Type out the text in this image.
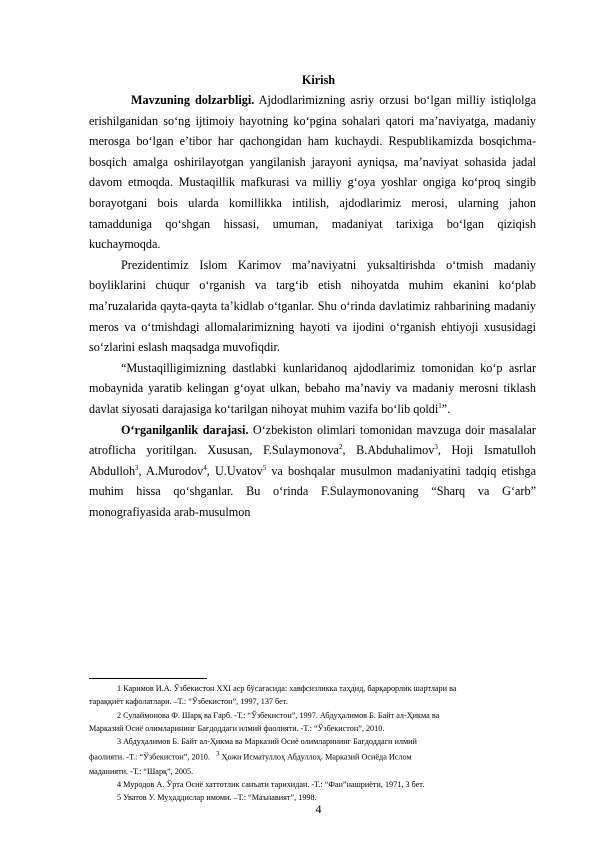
Kirish

Mavzuning dolzarbligi. Ajdodlarimizning asriy orzusi bo‘lgan milliy istiqlolga erishilganidan so‘ng ijtimoiy hayotning ko‘pgina sohalari qatori ma’naviyatga, madaniy merosga bo‘lgan e’tibor har qachongidan ham kuchaydi. Respublikamizda bosqichma-bosqich amalga oshirilayotgan yangilanish jarayoni ayniqsa, ma’naviyat sohasida jadal davom etmoqda. Mustaqillik mafkurasi va milliy g‘oya yoshlar ongiga ko‘proq singib borayotgani bois ularda komillikka intilish, ajdodlarimiz merosi, ularning jahon tamadduniga qo‘shgan hissasi, umuman, madaniyat tarixiga bo‘lgan qiziqish kuchaymoqda.

Prezidentimiz Islom Karimov ma’naviyatni yuksaltirishda o‘tmish madaniy boyliklarini chuqur o‘rganish va targ‘ib etish nihoyatda muhim ekanini ko‘plab ma’ruzalarida qayta-qayta ta’kidlab o‘tganlar. Shu o‘rinda davlatimiz rahbarining madaniy meros va o‘tmishdagi allomalarimizning hayoti va ijodini o‘rganish ehtiyoji xususidagi so‘zlarini eslash maqsadga muvofiqdir.

“Mustaqilligimizning dastlabki kunlaridanoq ajdodlarimiz tomonidan ko‘p asrlar mobaynida yaratib kelingan g‘oyat ulkan, bebaho ma’naviy va madaniy merosni tiklash davlat siyosati darajasiga ko‘tarilgan nihoyat muhim vazifa bo‘lib qoldi$^1$”.

O‘rganilganlik darajasi. O‘zbekiston olimlari tomonidan mavzuga doir masalalar atroflicha yoritilgan. Xususan, F.Sulaymonova$^2$, B.Abduhalimov$^3$, Hoji Ismatulloh Abdulloh$^3$, A.Murodov$^4$, U.Uvatov$^5$ va boshqalar musulmon madaniyatini tadqiq etishga muhim hissa qo‘shganlar. Bu o‘rinda F.Sulaymonovaning “Sharq va G‘arb” monografiyasida arab-musulmon

1 Каримов И.А. Ўзбекистон XXI аср бўсағасида: хавфсизликка таҳдид, барқарорлик шартлари ва

тараққиёт кафолатлари. –Т.: “Ўзбекистон”, 1997, 137 бет.

2 Сулаймонова Ф. Шарқ ва Ғарб. -Т.: “Ўзбекистон”, 1997. Абдуҳалимов Б. Байт ал-Ҳикма ва

Марказий Осиё олимларининг Бағдоддаги илмий фаолияти. -Т.: “Ўзбекистон”, 2010.

3 Абдуҳалимов Б. Байт ал-Ҳикма ва Марказий Осиё олимларининг Бағдоддаги илмий

фаолияти. -Т.: “Ўзбекистон”, 2010. $^3$ Ҳожи Исматуллоҳ Абдуллоҳ. Марказий Осиёда Ислом

маданияти. -Т.: “Шарқ”, 2005.

4 Муродов А. Ўрта Осиё хаттотлик санъати тарихидан. -Т.: “Фан”нашриёти, 1971, 3 бет.

5 Уватов У. Муҳаддислар имоми. –Т.: “Маънавият”, 1998.

4
